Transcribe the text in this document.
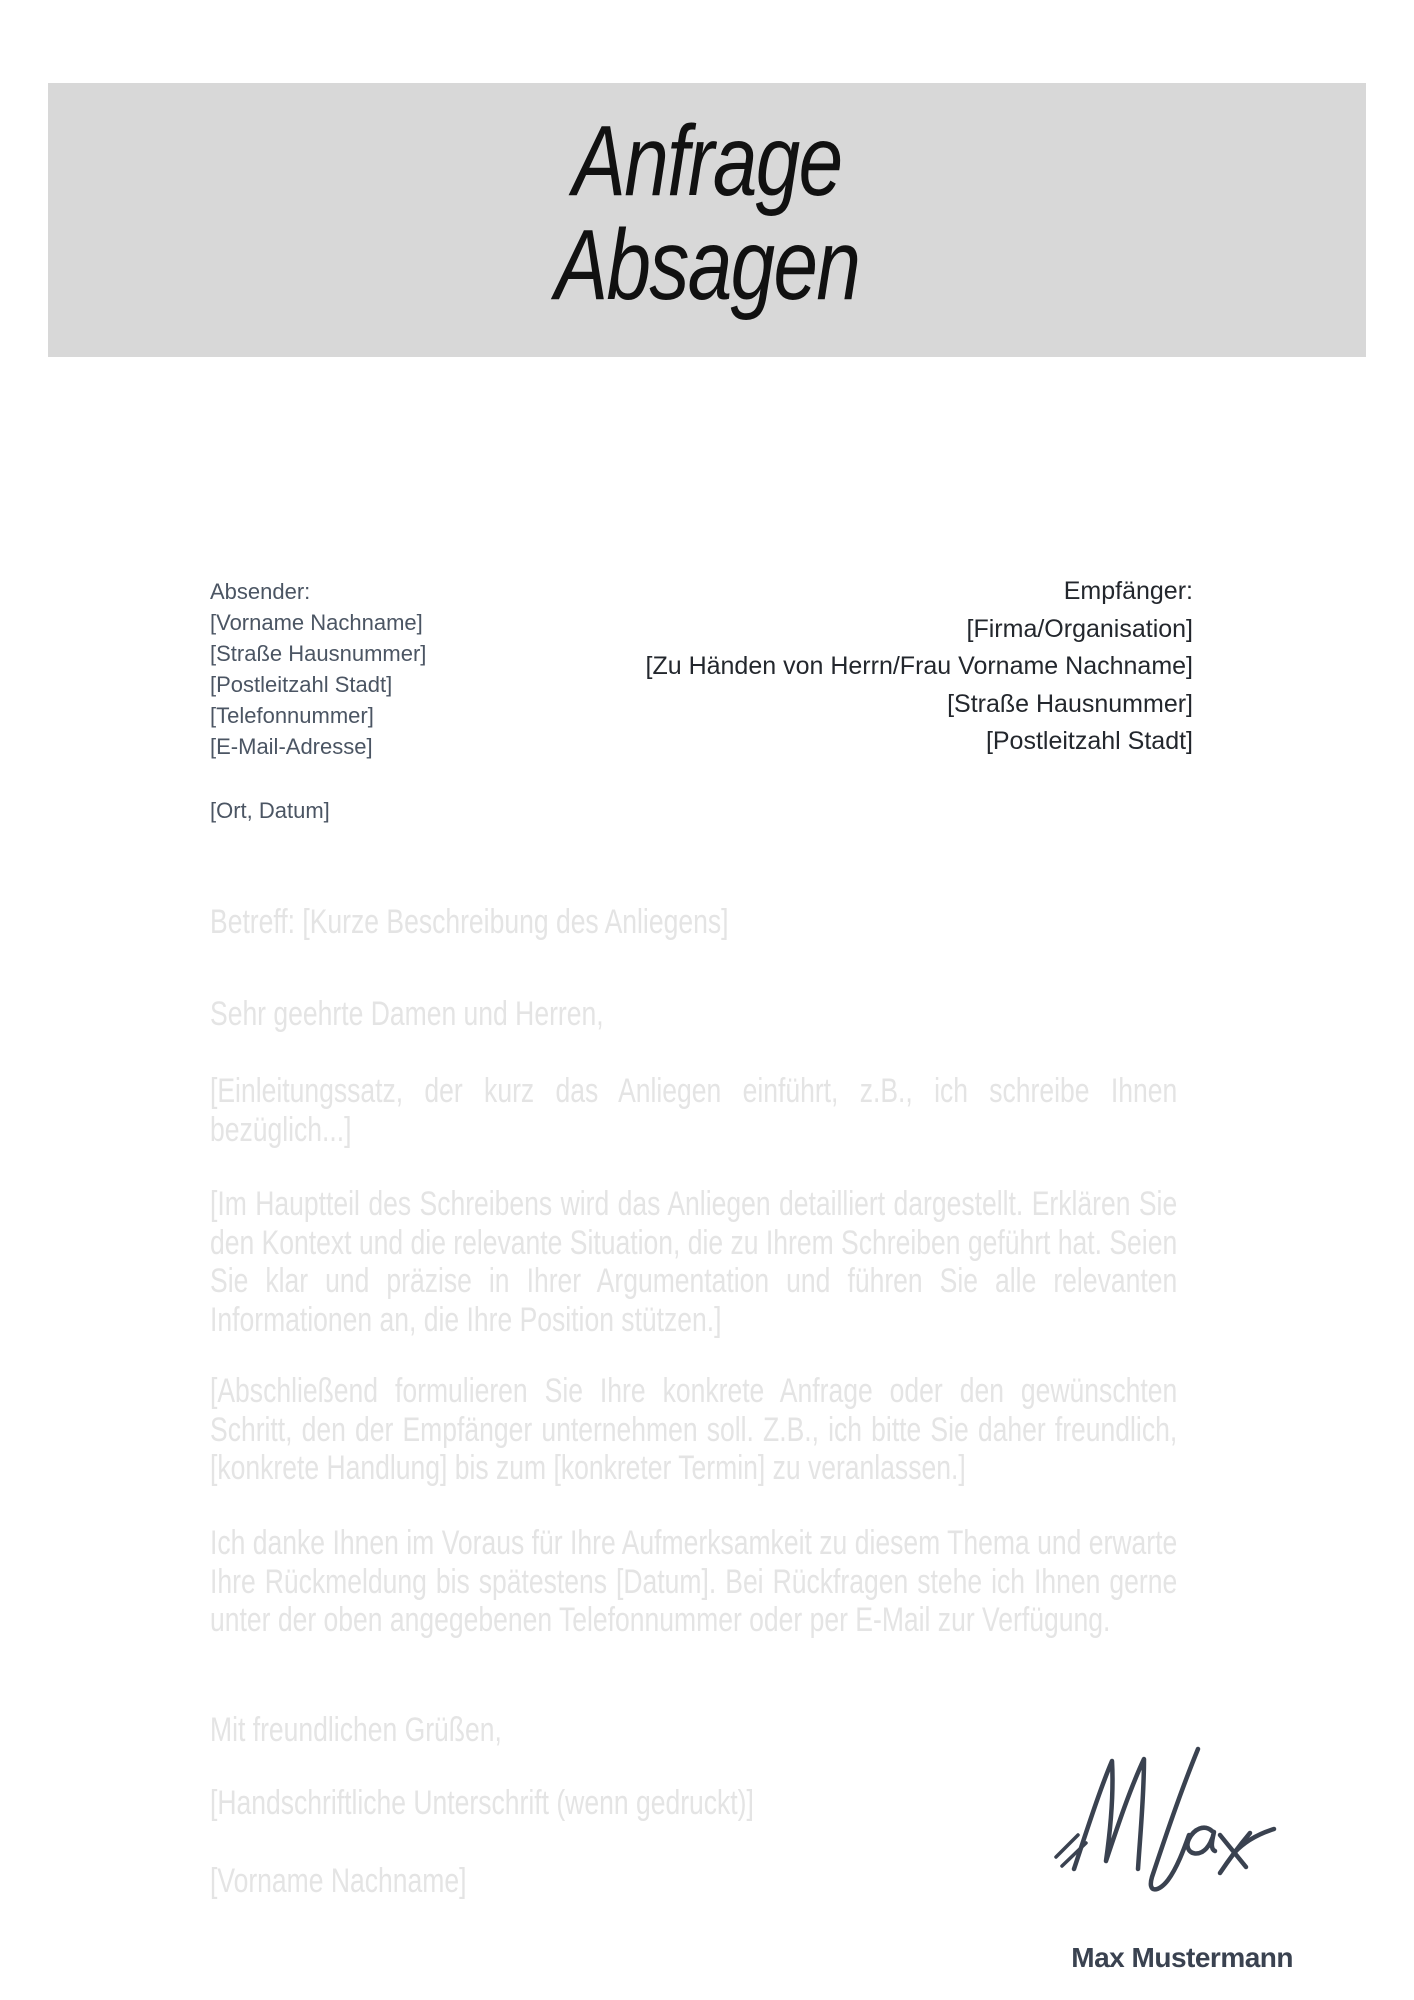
Anfrage
Absagen
Absender:
[Vorname Nachname]
[Straße Hausnummer]
[Postleitzahl Stadt]
[Telefonnummer]
[E-Mail-Adresse]
[Ort, Datum]
Empfänger:
[Firma/Organisation]
[Zu Händen von Herrn/Frau Vorname Nachname]
[Straße Hausnummer]
[Postleitzahl Stadt]

Betreff: [Kurze Beschreibung des Anliegens]

Sehr geehrte Damen und Herren,

[Einleitungssatz, der kurz das Anliegen einführt, z.B., ich schreibe Ihnen bezüglich...]

[Im Hauptteil des Schreibens wird das Anliegen detailliert dargestellt. Erklären Sie den Kontext und die relevante Situation, die zu Ihrem Schreiben geführt hat. Seien Sie klar und präzise in Ihrer Argumentation und führen Sie alle relevanten Informationen an, die Ihre Position stützen.]

[Abschließend formulieren Sie Ihre konkrete Anfrage oder den gewünschten Schritt, den der Empfänger unternehmen soll. Z.B., ich bitte Sie daher freundlich, [konkrete Handlung] bis zum [konkreter Termin] zu veranlassen.]

Ich danke Ihnen im Voraus für Ihre Aufmerksamkeit zu diesem Thema und erwarte Ihre Rückmeldung bis spätestens [Datum]. Bei Rückfragen stehe ich Ihnen gerne unter der oben angegebenen Telefonnummer oder per E-Mail zur Verfügung.

Mit freundlichen Grüßen,

[Handschriftliche Unterschrift (wenn gedruckt)]

[Vorname Nachname]

Max Mustermann
